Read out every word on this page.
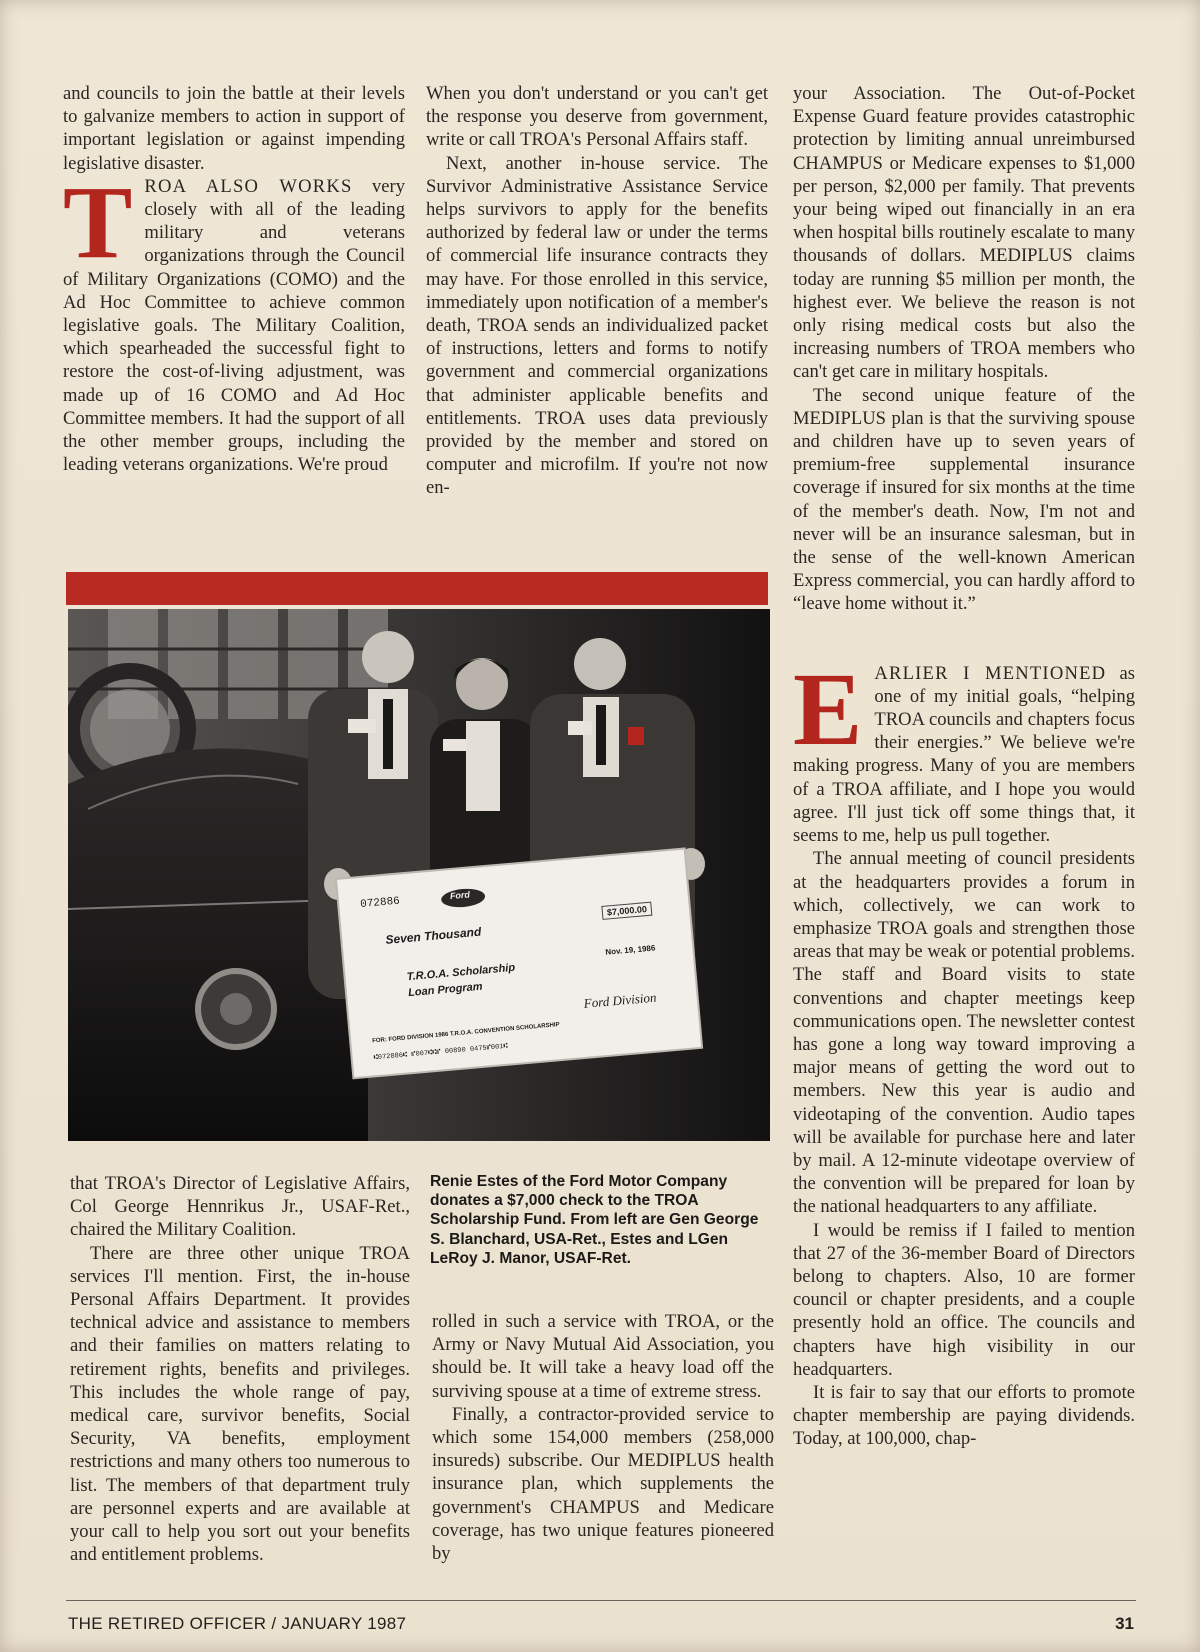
and councils to join the battle at their levels to galvanize members to action in support of important legislation or against impending legislative disaster.

TROA ALSO WORKS very closely with all of the leading military and veterans organizations through the Council of Military Organizations (COMO) and the Ad Hoc Committee to achieve common legislative goals. The Military Coalition, which spearheaded the successful fight to restore the cost-of-living adjustment, was made up of 16 COMO and Ad Hoc Committee members. It had the support of all the other member groups, including the leading veterans organizations. We're proud

When you don't understand or you can't get the response you deserve from government, write or call TROA's Personal Affairs staff.

Next, another in-house service. The Survivor Administrative Assistance Service helps survivors to apply for the benefits authorized by federal law or under the terms of commercial life insurance contracts they may have. For those enrolled in this service, immediately upon notification of a member's death, TROA sends an individualized packet of instructions, letters and forms to notify government and commercial organizations that administer applicable benefits and entitlements. TROA uses data previously provided by the member and stored on computer and microfilm. If you're not now en-

your Association. The Out-of-Pocket Expense Guard feature provides catastrophic protection by limiting annual unreimbursed CHAMPUS or Medicare expenses to $1,000 per person, $2,000 per family. That prevents your being wiped out financially in an era when hospital bills routinely escalate to many thousands of dollars. MEDIPLUS claims today are running $5 million per month, the highest ever. We believe the reason is not only rising medical costs but also the increasing numbers of TROA members who can't get care in military hospitals.

The second unique feature of the MEDIPLUS plan is that the surviving spouse and children have up to seven years of premium-free supplemental insurance coverage if insured for six months at the time of the member's death. Now, I'm not and never will be an insurance salesman, but in the sense of the well-known American Express commercial, you can hardly afford to “leave home without it.”

EARLIER I MENTIONED as one of my initial goals, “helping TROA councils and chapters focus their energies.” We believe we're making progress. Many of you are members of a TROA affiliate, and I hope you would agree. I'll just tick off some things that, it seems to me, help us pull together.

The annual meeting of council presidents at the headquarters provides a forum in which, collectively, we can work to emphasize TROA goals and strengthen those areas that may be weak or potential problems. The staff and Board visits to state conventions and chapter meetings keep communications open. The newsletter contest has gone a long way toward improving a major means of getting the word out to members. New this year is audio and videotaping of the convention. Audio tapes will be available for purchase here and later by mail. A 12-minute videotape overview of the convention will be prepared for loan by the national headquarters to any affiliate.

I would be remiss if I failed to mention that 27 of the 36-member Board of Directors belong to chapters. Also, 10 are former council or chapter presidents, and a couple presently hold an office. The councils and chapters have high visibility in our headquarters.

It is fair to say that our efforts to promote chapter membership are paying dividends. Today, at 100,000, chap-

072886
Ford
Seven Thousand
$7,000.00
T.R.O.A. Scholarship
Loan Program
Nov. 19, 1986
Ford Division
FOR: FORD DIVISION 1986 T.R.O.A. CONVENTION SCHOLARSHIP
⑆072886⑆ ⑈007⑆⑆⑈ 00890 0475⑈001⑆
Renie Estes of the Ford Motor Company donates a $7,000 check to the TROA Scholarship Fund. From left are Gen George S. Blanchard, USA-Ret., Estes and LGen LeRoy J. Manor, USAF-Ret.

that TROA's Director of Legislative Affairs, Col George Hennrikus Jr., USAF-Ret., chaired the Military Coalition.

There are three other unique TROA services I'll mention. First, the in-house Personal Affairs Department. It provides technical advice and assistance to members and their families on matters relating to retirement rights, benefits and privileges. This includes the whole range of pay, medical care, survivor benefits, Social Security, VA benefits, employment restrictions and many others too numerous to list. The members of that department truly are personnel experts and are available at your call to help you sort out your benefits and entitlement problems.

rolled in such a service with TROA, or the Army or Navy Mutual Aid Association, you should be. It will take a heavy load off the surviving spouse at a time of extreme stress.

Finally, a contractor-provided service to which some 154,000 members (258,000 insureds) subscribe. Our MEDIPLUS health insurance plan, which supplements the government's CHAMPUS and Medicare coverage, has two unique features pioneered by

THE RETIRED OFFICER / JANUARY 1987	31
